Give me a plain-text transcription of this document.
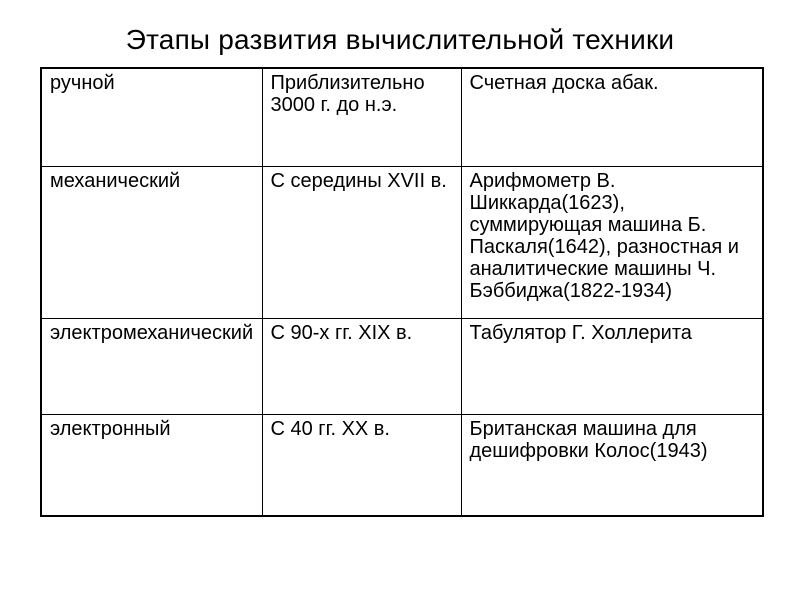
Этапы развития вычислительной техники
ручной	Приблизительно 3000 г. до н.э.	Счетная доска абак.
механический	С середины XVII в.	Арифмометр В. Шиккарда(1623), суммирующая машина Б. Паскаля(1642), разностная и аналитические машины Ч. Бэббиджа(1822-1934)
электромеханический	С 90-х гг. XIX в.	Табулятор Г. Холлерита
электронный	С 40 гг. XX в.	Британская машина для дешифровки Колос(1943)
